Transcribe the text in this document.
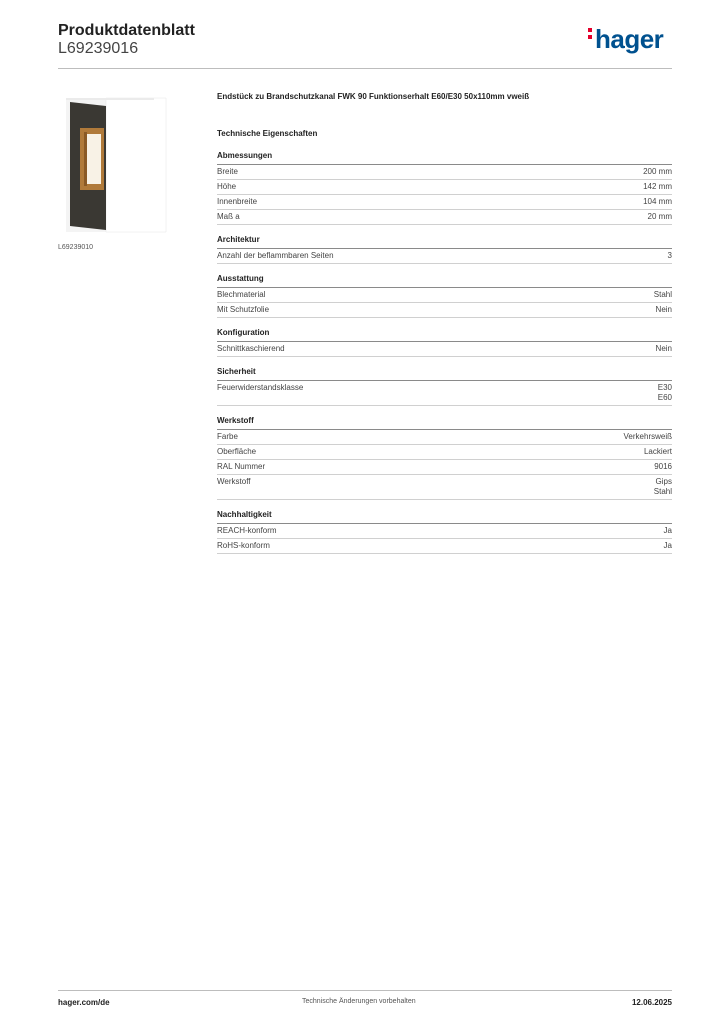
Produktdatenblatt
L69239016	hager
L69239010
Endstück zu Brandschutzkanal FWK 90 Funktionserhalt E60/E30 50x110mm vweiß
Technische Eigenschaften
Abmessungen
Breite	200 mm
Höhe	142 mm
Innenbreite	104 mm
Maß a	20 mm
Architektur
Anzahl der beflammbaren Seiten	3
Ausstattung
Blechmaterial	Stahl
Mit Schutzfolie	Nein
Konfiguration
Schnittkaschierend	Nein
Sicherheit
Feuerwiderstandsklasse	E30
E60
Werkstoff
Farbe	Verkehrsweiß
Oberfläche	Lackiert
RAL Nummer	9016
Werkstoff	Gips
Stahl
Nachhaltigkeit
REACH-konform	Ja
RoHS-konform	Ja
hager.com/de	Technische Änderungen vorbehalten	12.06.2025
